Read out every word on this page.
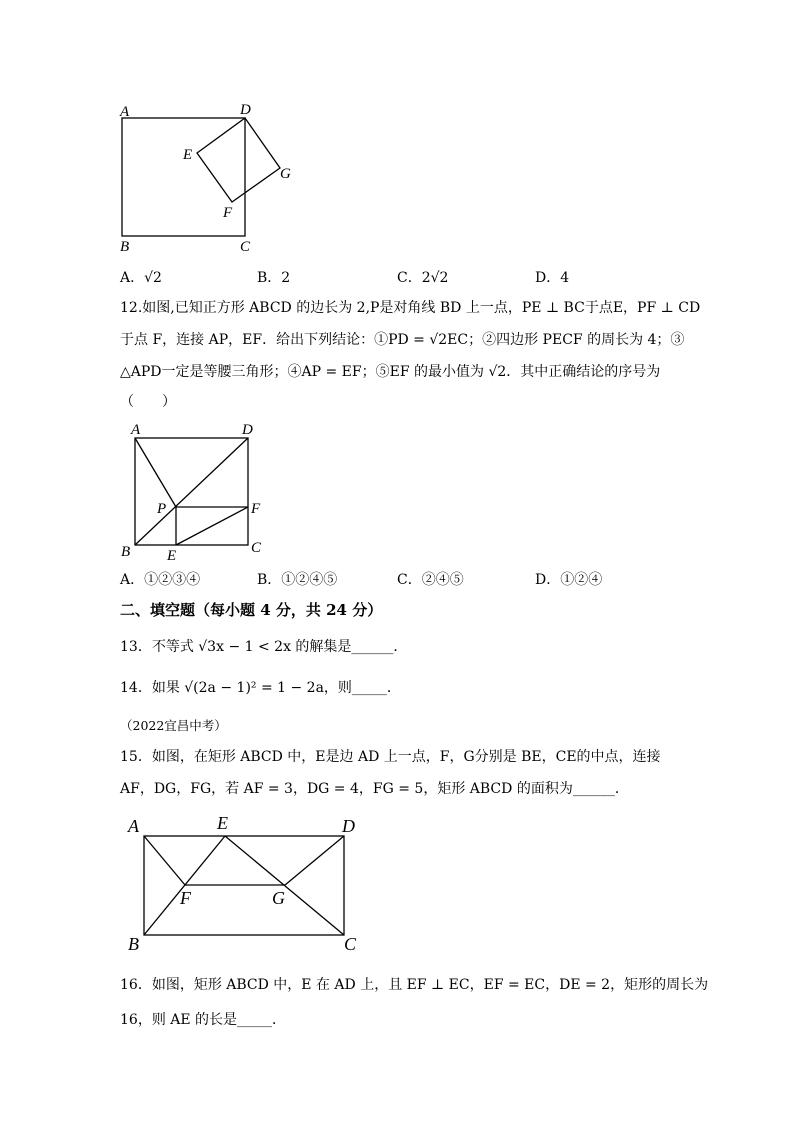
A	D
E
G
F
B	C
A．√2	B．2	C．2√2	D．4
12.如图,已知正方形 ABCD 的边长为 2,P是对角线 BD 上一点，PE ⊥ BC于点E，PF ⊥ CD
于点 F，连接 AP，EF．给出下列结论：①PD = √2EC；②四边形 PECF 的周长为 4；③
△APD一定是等腰三角形；④AP = EF；⑤EF 的最小值为 √2．其中正确结论的序号为
（　　）
A	D
P	F
B E	C
A．①②③④	B．①②④⑤	C．②④⑤	D．①②④
二、填空题（每小题 4 分，共 24 分）
13．不等式 √3x − 1 < 2x 的解集是______．
14．如果 √(2a − 1)² = 1 − 2a，则_____．
（2022宜昌中考）
15．如图，在矩形 ABCD 中，E是边 AD 上一点，F，G分别是 BE，CE的中点，连接
AF，DG，FG，若 AF = 3，DG = 4，FG = 5，矩形 ABCD 的面积为______．
A	E	D
F	G
B	C
16．如图，矩形 ABCD 中，E 在 AD 上，且 EF ⊥ EC，EF = EC，DE = 2，矩形的周长为
16，则 AE 的长是_____．
